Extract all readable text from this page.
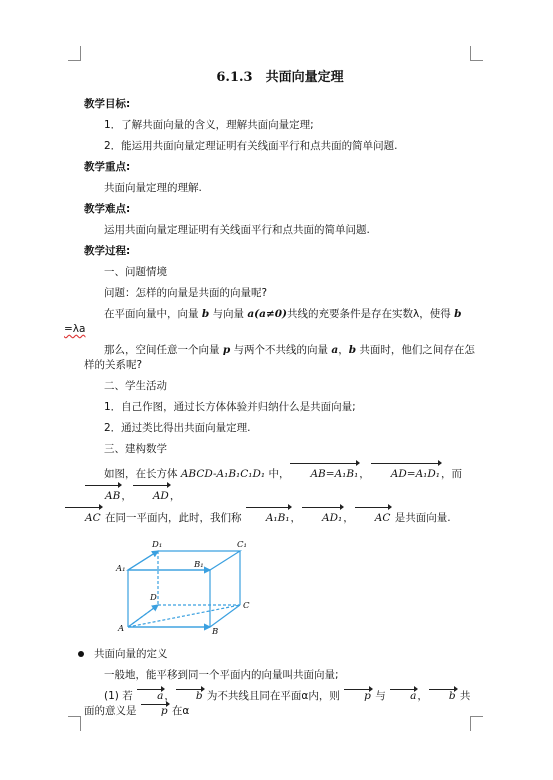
6.1.3　共面向量定理
教学目标:
1．了解共面向量的含义，理解共面向量定理;
2．能运用共面向量定理证明有关线面平行和点共面的简单问题.
教学重点:
共面向量定理的理解.
教学难点:
运用共面向量定理证明有关线面平行和点共面的简单问题.
教学过程:
一、问题情境
问题：怎样的向量是共面的向量呢?
在平面向量中，向量 b 与向量 a(a≠0)共线的充要条件是存在实数λ，使得 b
=λa
那么，空间任意一个向量 p 与两个不共线的向量 a，b 共面时，他们之间存在怎样的关系呢?
二、学生活动
1．自己作图，通过长方体体验并归纳什么是共面向量;
2．通过类比得出共面向量定理.
三、建构数学
如图，在长方体 ABCD-A₁B₁C₁D₁ 中， AB=A₁B₁， AD=A₁D₁，而AB， AD，
AC 在同一平面内，此时，我们称 A₁B₁， AD₁， AC 是共面向量.
D₁	C₁
A₁	B₁
D
C
A	B
共面向量的定义
一般地，能平移到同一个平面内的向量叫共面向量;
(1) 若 a， b 为不共线且同在平面α内，则 p 与 a， b 共面的意义是 p 在α
